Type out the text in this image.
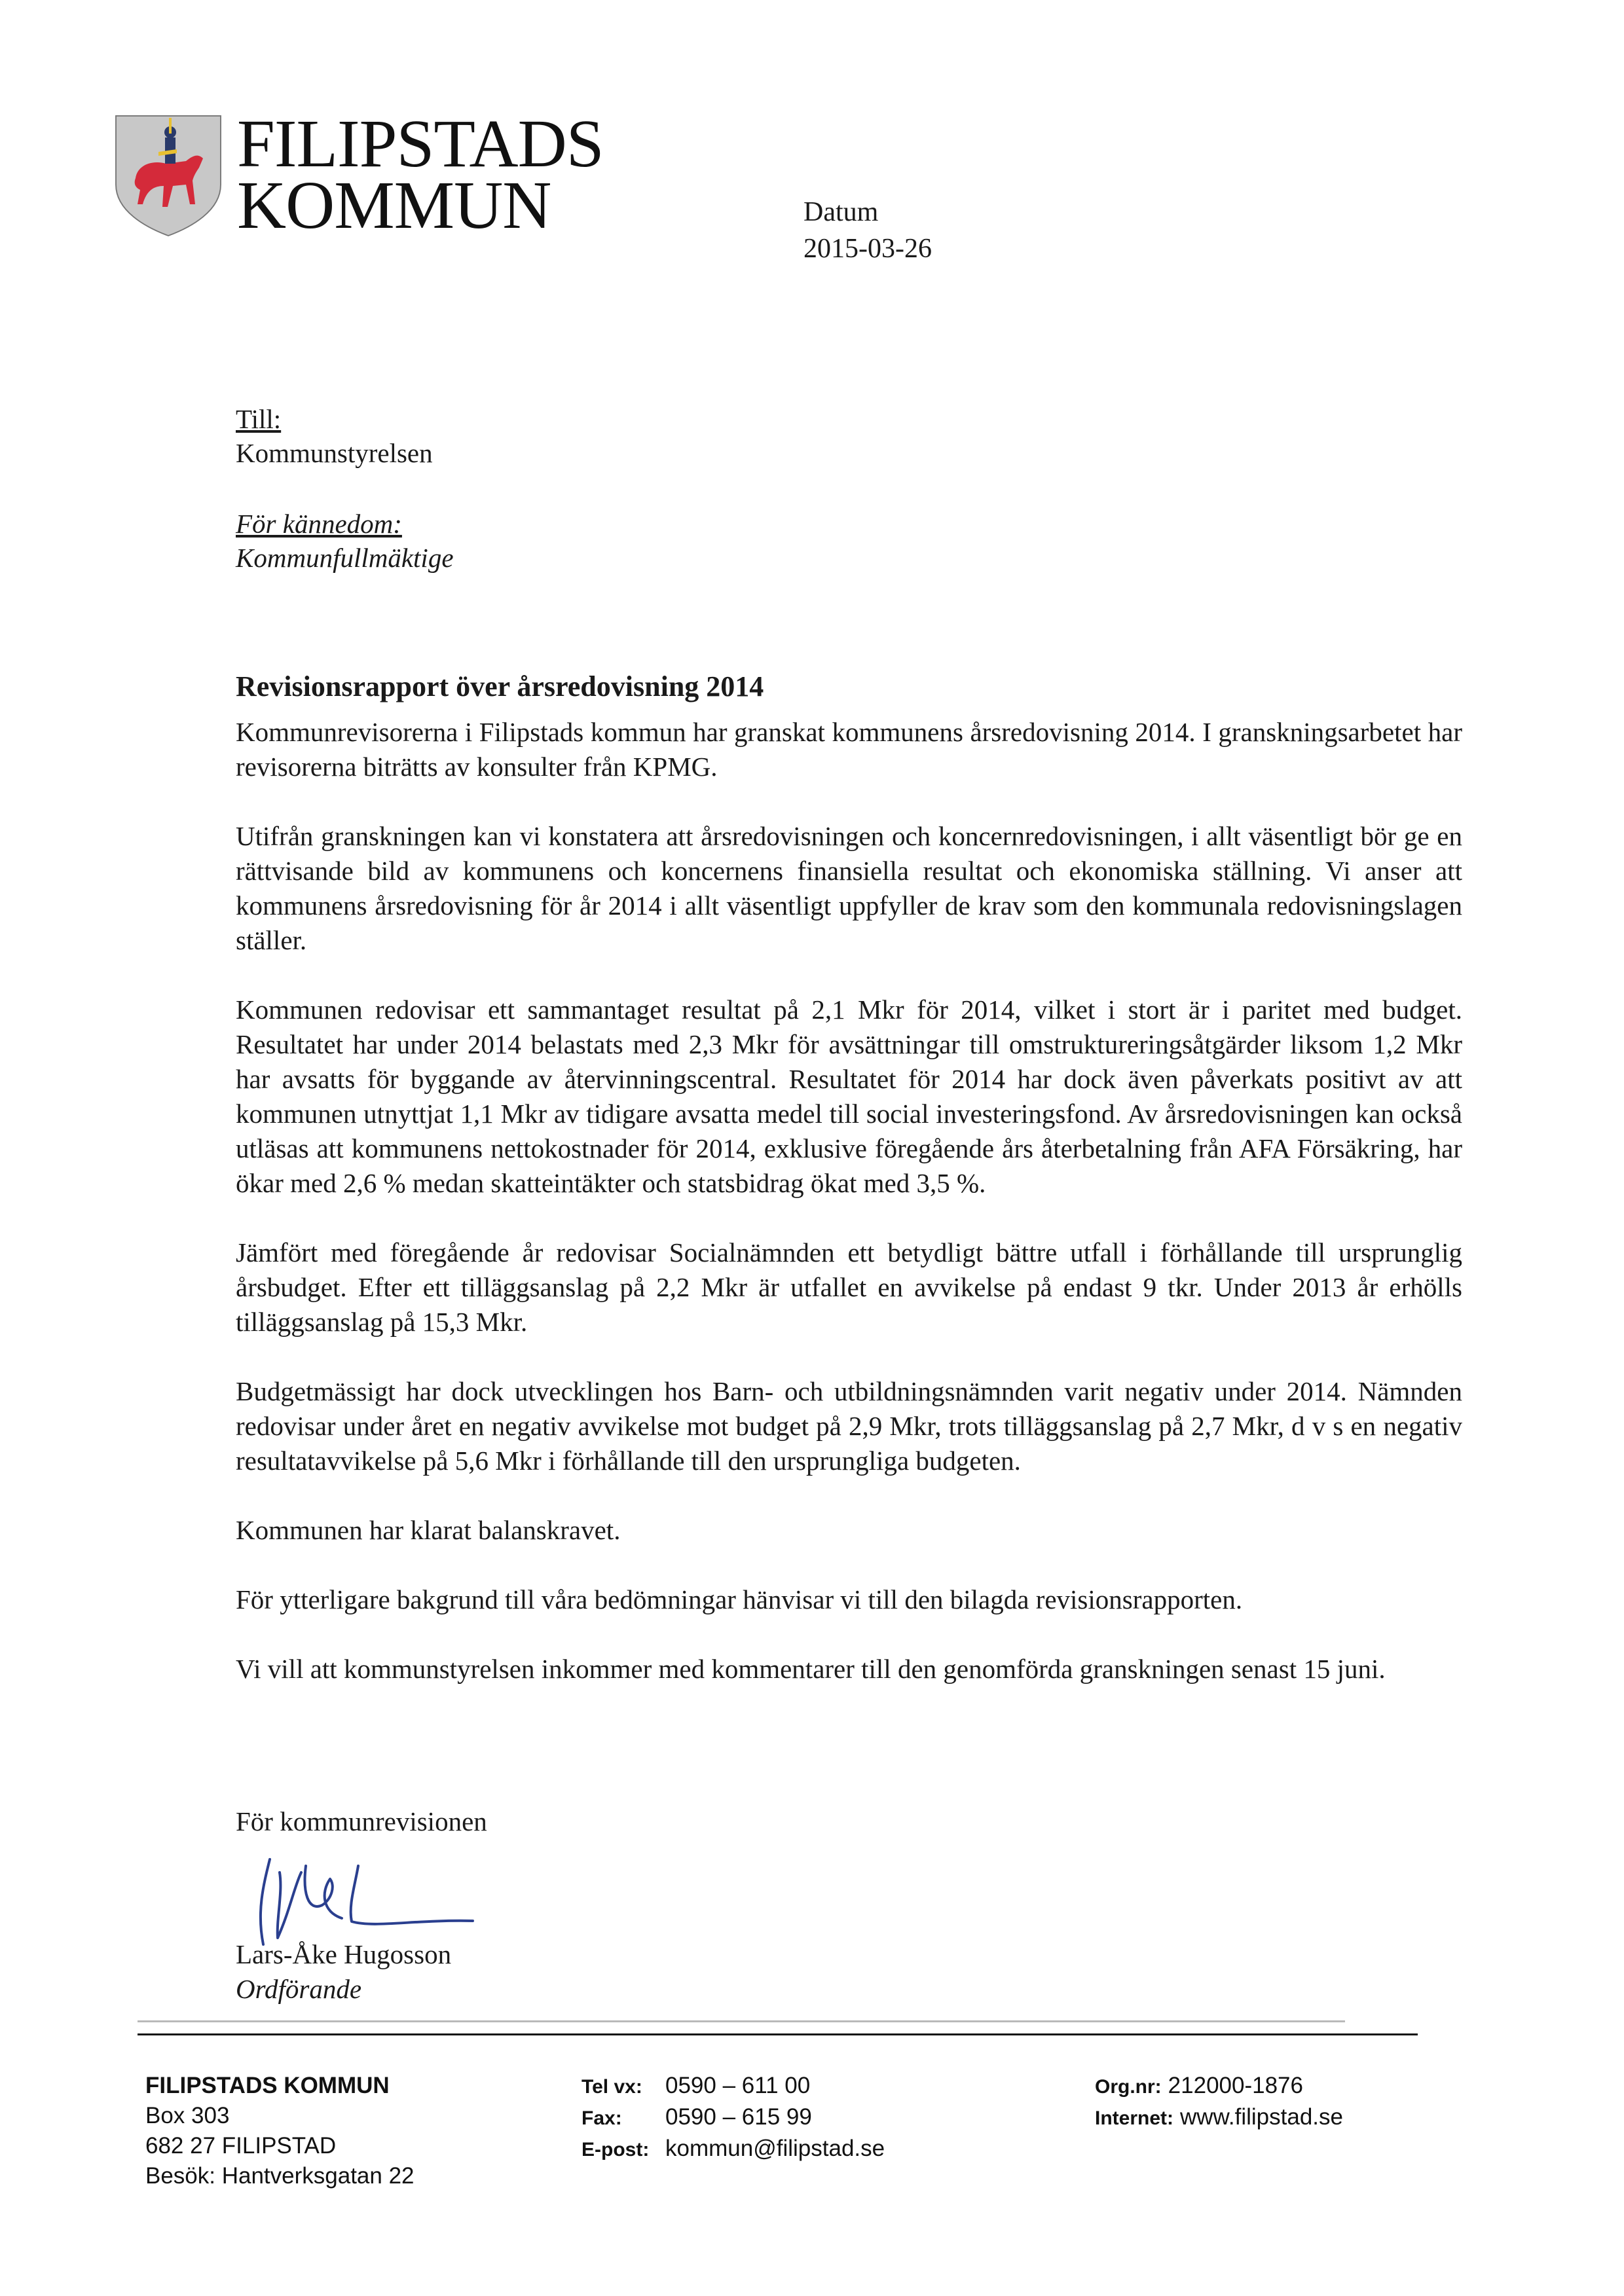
FILIPSTADS
KOMMUN	Datum
2015-03-26
Till:
Kommunstyrelsen
För kännedom:
Kommunfullmäktige
Revisionsrapport över årsredovisning 2014

Kommunrevisorerna i Filipstads kommun har granskat kommunens årsredovisning 2014. I granskningsarbetet har revisorerna biträtts av konsulter från KPMG.

Utifrån granskningen kan vi konstatera att årsredovisningen och koncernredovisningen, i allt väsentligt bör ge en rättvisande bild av kommunens och koncernens finansiella resultat och ekonomiska ställning. Vi anser att kommunens årsredovisning för år 2014 i allt väsentligt uppfyller de krav som den kommunala redovisningslagen ställer.

Kommunen redovisar ett sammantaget resultat på 2,1 Mkr för 2014, vilket i stort är i paritet med budget. Resultatet har under 2014 belastats med 2,3 Mkr för avsättningar till omstruktureringsåtgärder liksom 1,2 Mkr har avsatts för byggande av återvinningscentral. Resultatet för 2014 har dock även påverkats positivt av att kommunen utnyttjat 1,1 Mkr av tidigare avsatta medel till social investeringsfond. Av årsredovisningen kan också utläsas att kommunens nettokostnader för 2014, exklusive föregående års återbetalning från AFA Försäkring, har ökar med 2,6 % medan skatteintäkter och statsbidrag ökat med 3,5 %.

Jämfört med föregående år redovisar Socialnämnden ett betydligt bättre utfall i förhållande till ursprunglig årsbudget. Efter ett tilläggsanslag på 2,2 Mkr är utfallet en avvikelse på endast 9 tkr. Under 2013 år erhölls tilläggsanslag på 15,3 Mkr.

Budgetmässigt har dock utvecklingen hos Barn- och utbildningsnämnden varit negativ under 2014. Nämnden redovisar under året en negativ avvikelse mot budget på 2,9 Mkr, trots tilläggsanslag på 2,7 Mkr, d v s en negativ resultatavvikelse på 5,6 Mkr i förhållande till den ursprungliga budgeten.

Kommunen har klarat balanskravet.

För ytterligare bakgrund till våra bedömningar hänvisar vi till den bilagda revisionsrapporten.

Vi vill att kommunstyrelsen inkommer med kommentarer till den genomförda granskningen senast 15 juni.

För kommunrevisionen
Lars-Åke Hugosson
Ordförande
FILIPSTADS KOMMUN
Box 303
682 27 FILIPSTAD
Besök: Hantverksgatan 22
Tel vx: 0590 – 611 00
Fax: 0590 – 615 99
E-post: kommun@filipstad.se
Org.nr: 212000-1876
Internet: www.filipstad.se
